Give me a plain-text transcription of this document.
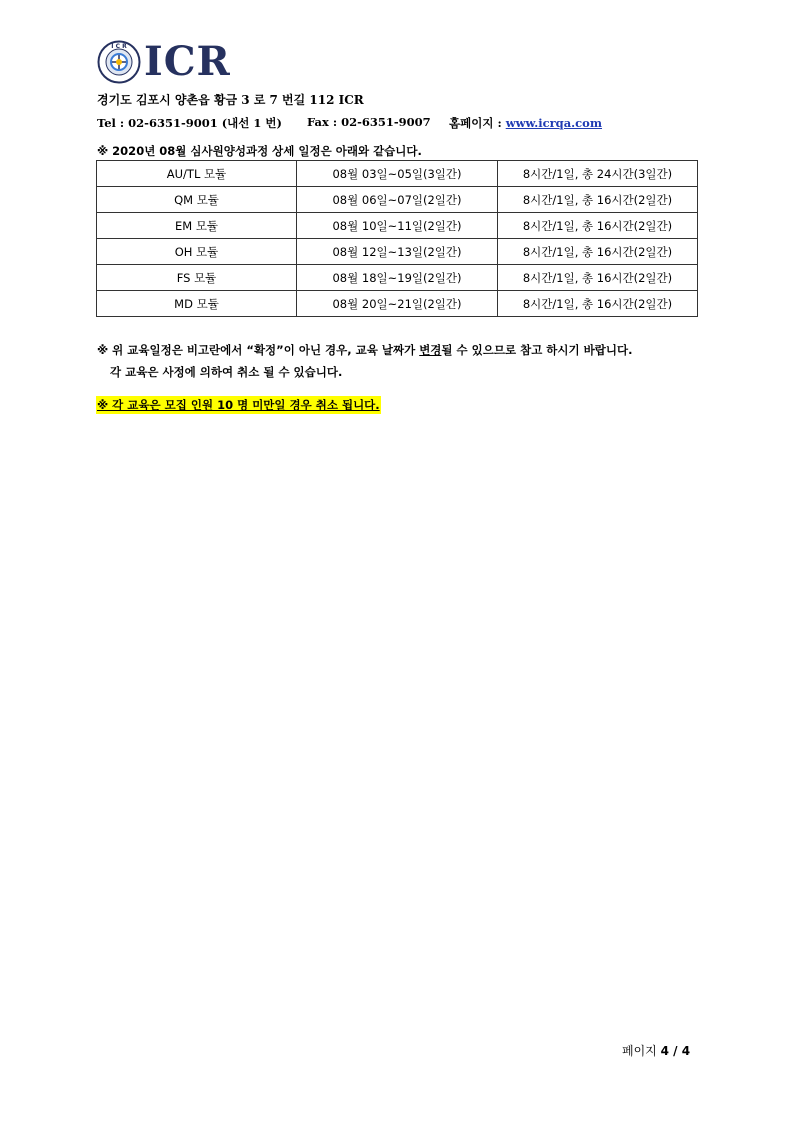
I C R ICR
경기도 김포시 양촌읍 황금 3 로 7 번길 112 ICR
Tel : 02-6351-9001 (내선 1 번) Fax : 02-6351-9007 홈페이지 : www.icrqa.com
※ 2020년 08월 심사원양성과정 상세 일정은 아래와 같습니다.
AU/TL 모듈	08월 03일~05일(3일간)	8시간/1일, 총 24시간(3일간)
QM 모듈	08월 06일~07일(2일간)	8시간/1일, 총 16시간(2일간)
EM 모듈	08월 10일~11일(2일간)	8시간/1일, 총 16시간(2일간)
OH 모듈	08월 12일~13일(2일간)	8시간/1일, 총 16시간(2일간)
FS 모듈	08월 18일~19일(2일간)	8시간/1일, 총 16시간(2일간)
MD 모듈	08월 20일~21일(2일간)	8시간/1일, 총 16시간(2일간)
※ 위 교육일정은 비고란에서 “확정”이 아닌 경우, 교육 날짜가 변경될 수 있으므로 참고 하시기 바랍니다.
각 교육은 사정에 의하여 취소 될 수 있습니다.
※ 각 교육은 모집 인원 10 명 미만일 경우 취소 됩니다.
페이지 4 / 4
